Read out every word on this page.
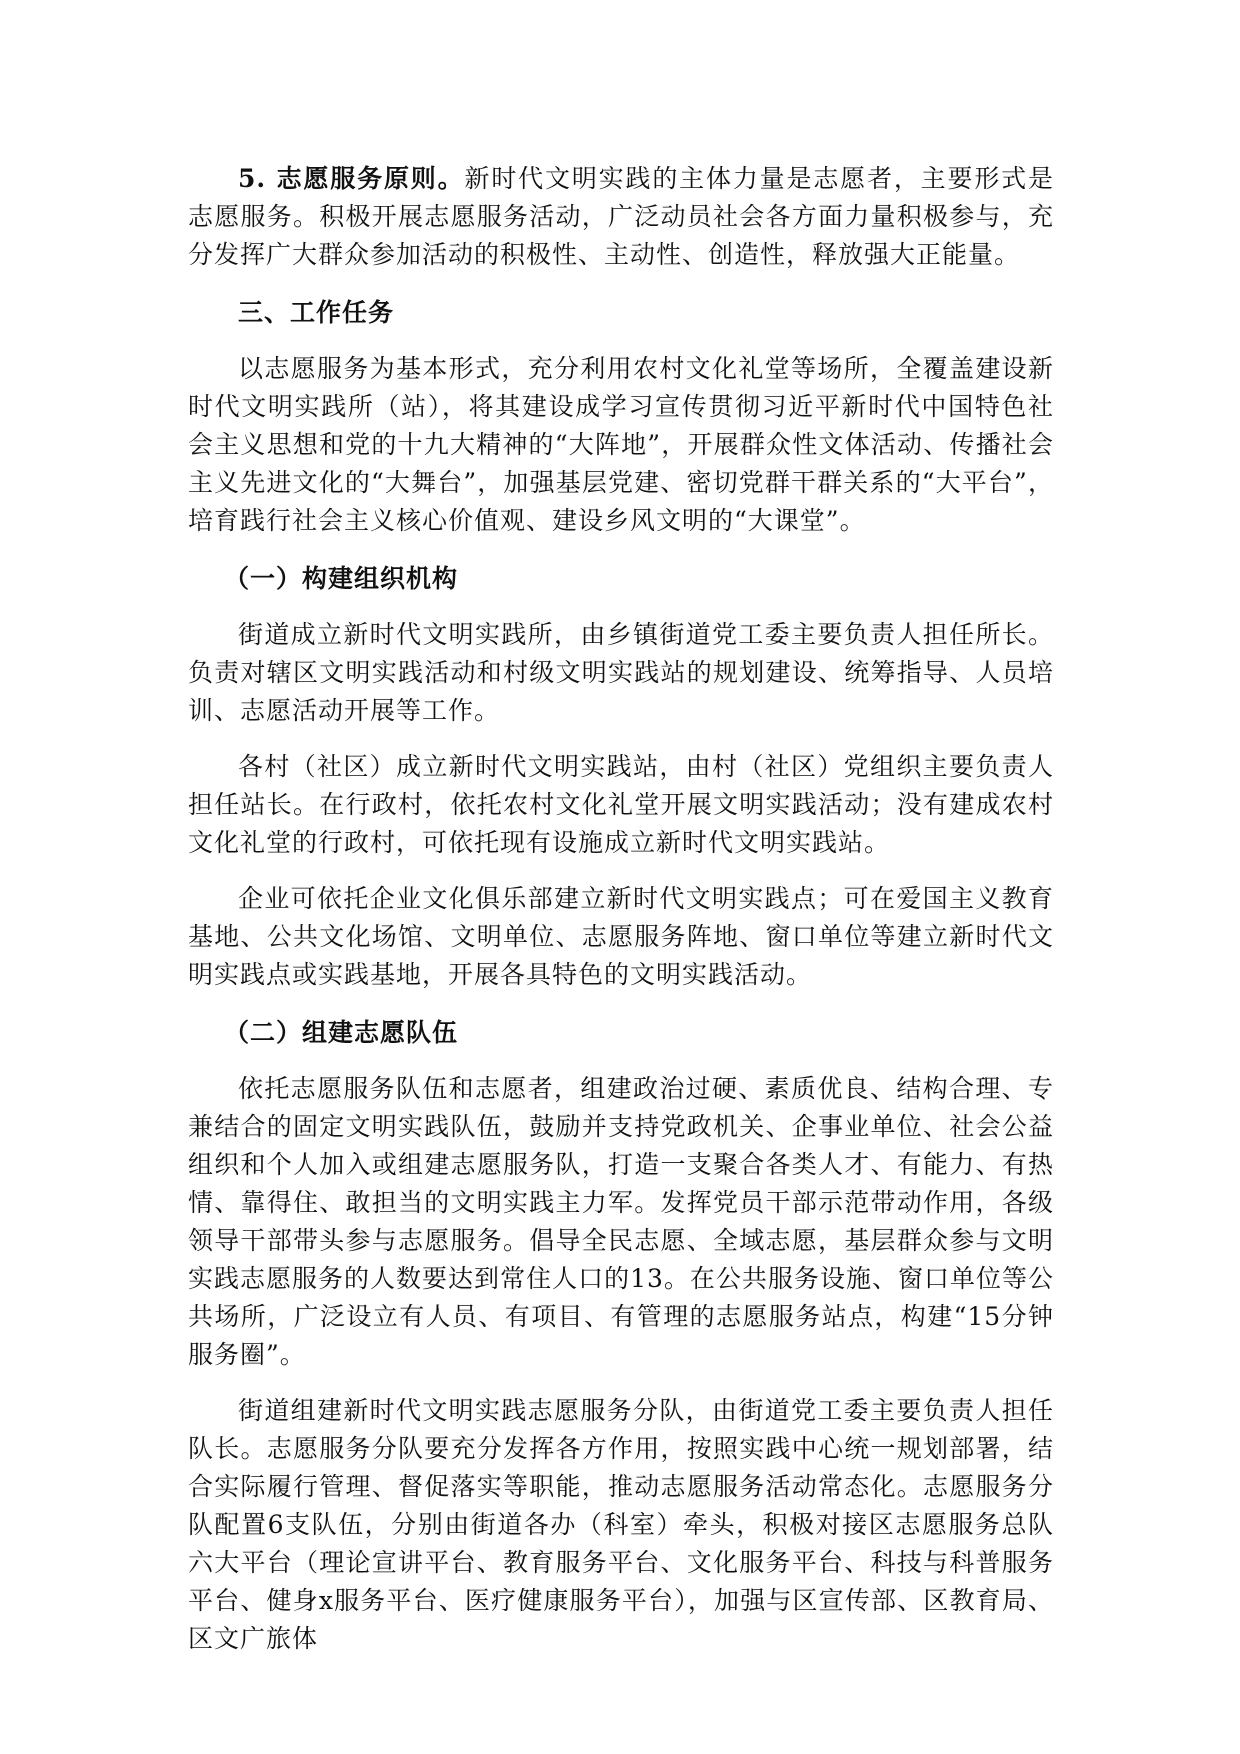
5. 志愿服务原则。新时代文明实践的主体力量是志愿者，主要形式是志愿服务。积极开展志愿服务活动，广泛动员社会各方面力量积极参与，充分发挥广大群众参加活动的积极性、主动性、创造性，释放强大正能量。

三、工作任务

以志愿服务为基本形式，充分利用农村文化礼堂等场所，全覆盖建设新时代文明实践所（站），将其建设成学习宣传贯彻习近平新时代中国特色社会主义思想和党的十九大精神的“大阵地”，开展群众性文体活动、传播社会主义先进文化的“大舞台”，加强基层党建、密切党群干群关系的“大平台”，培育践行社会主义核心价值观、建设乡风文明的“大课堂”。

（一）构建组织机构

街道成立新时代文明实践所，由乡镇街道党工委主要负责人担任所长。负责对辖区文明实践活动和村级文明实践站的规划建设、统筹指导、人员培训、志愿活动开展等工作。

各村（社区）成立新时代文明实践站，由村（社区）党组织主要负责人担任站长。在行政村，依托农村文化礼堂开展文明实践活动；没有建成农村文化礼堂的行政村，可依托现有设施成立新时代文明实践站。

企业可依托企业文化俱乐部建立新时代文明实践点；可在爱国主义教育基地、公共文化场馆、文明单位、志愿服务阵地、窗口单位等建立新时代文明实践点或实践基地，开展各具特色的文明实践活动。

（二）组建志愿队伍

依托志愿服务队伍和志愿者，组建政治过硬、素质优良、结构合理、专兼结合的固定文明实践队伍，鼓励并支持党政机关、企事业单位、社会公益组织和个人加入或组建志愿服务队，打造一支聚合各类人才、有能力、有热情、靠得住、敢担当的文明实践主力军。发挥党员干部示范带动作用，各级领导干部带头参与志愿服务。倡导全民志愿、全域志愿，基层群众参与文明实践志愿服务的人数要达到常住人口的13。在公共服务设施、窗口单位等公共场所，广泛设立有人员、有项目、有管理的志愿服务站点，构建“15分钟服务圈”。

街道组建新时代文明实践志愿服务分队，由街道党工委主要负责人担任队长。志愿服务分队要充分发挥各方作用，按照实践中心统一规划部署，结合实际履行管理、督促落实等职能，推动志愿服务活动常态化。志愿服务分队配置6支队伍，分别由街道各办（科室）牵头，积极对接区志愿服务总队六大平台（理论宣讲平台、教育服务平台、文化服务平台、科技与科普服务平台、健身x服务平台、医疗健康服务平台），加强与区宣传部、区教育局、区文广旅体
